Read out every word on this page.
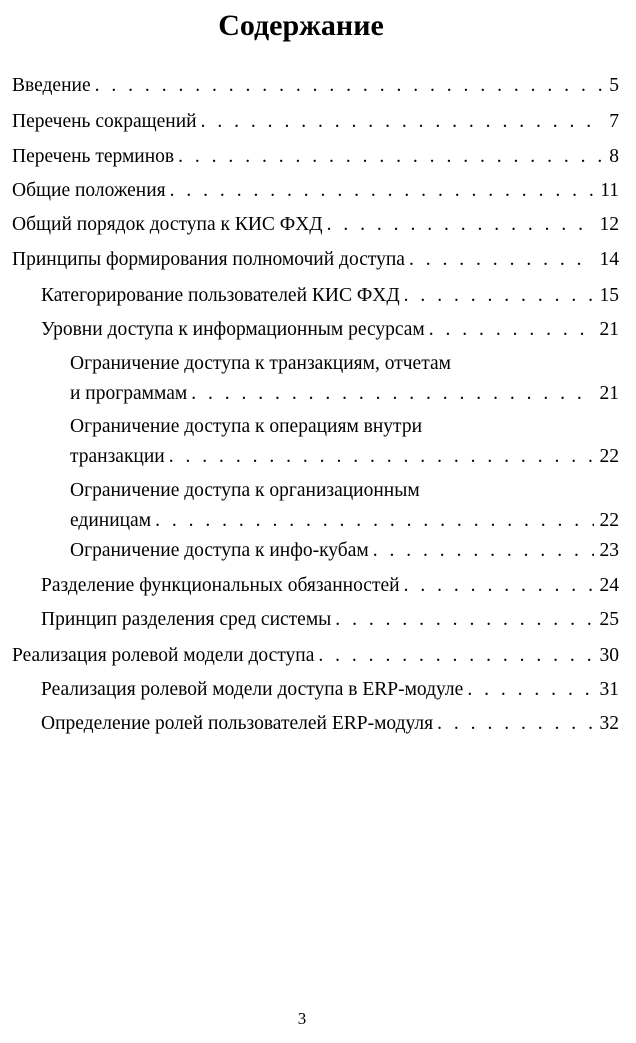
Содержание
Введение . . .	5
Перечень сокращений . . .	7
Перечень терминов . . .	8
Общие положения . . .	11
Общий порядок доступа к КИС ФХД . . .	12
Принципы формирования полномочий доступа . . .	14
Категорирование пользователей КИС ФХД . . .	15
Уровни доступа к информационным ресурсам . . .	21
Ограничение доступа к транзакциям, отчетам
и программам . . .	21
Ограничение доступа к операциям внутри
транзакции . . .	22
Ограничение доступа к организационным
единицам . . .	22
Ограничение доступа к инфо-кубам . . .	23
Разделение функциональных обязанностей . . .	24
Принцип разделения сред системы . . .	25
Реализация ролевой модели доступа . . .	30
Реализация ролевой модели доступа в ERP-модуле . . .	31
Определение ролей пользователей ERP-модуля . . .	32
3
